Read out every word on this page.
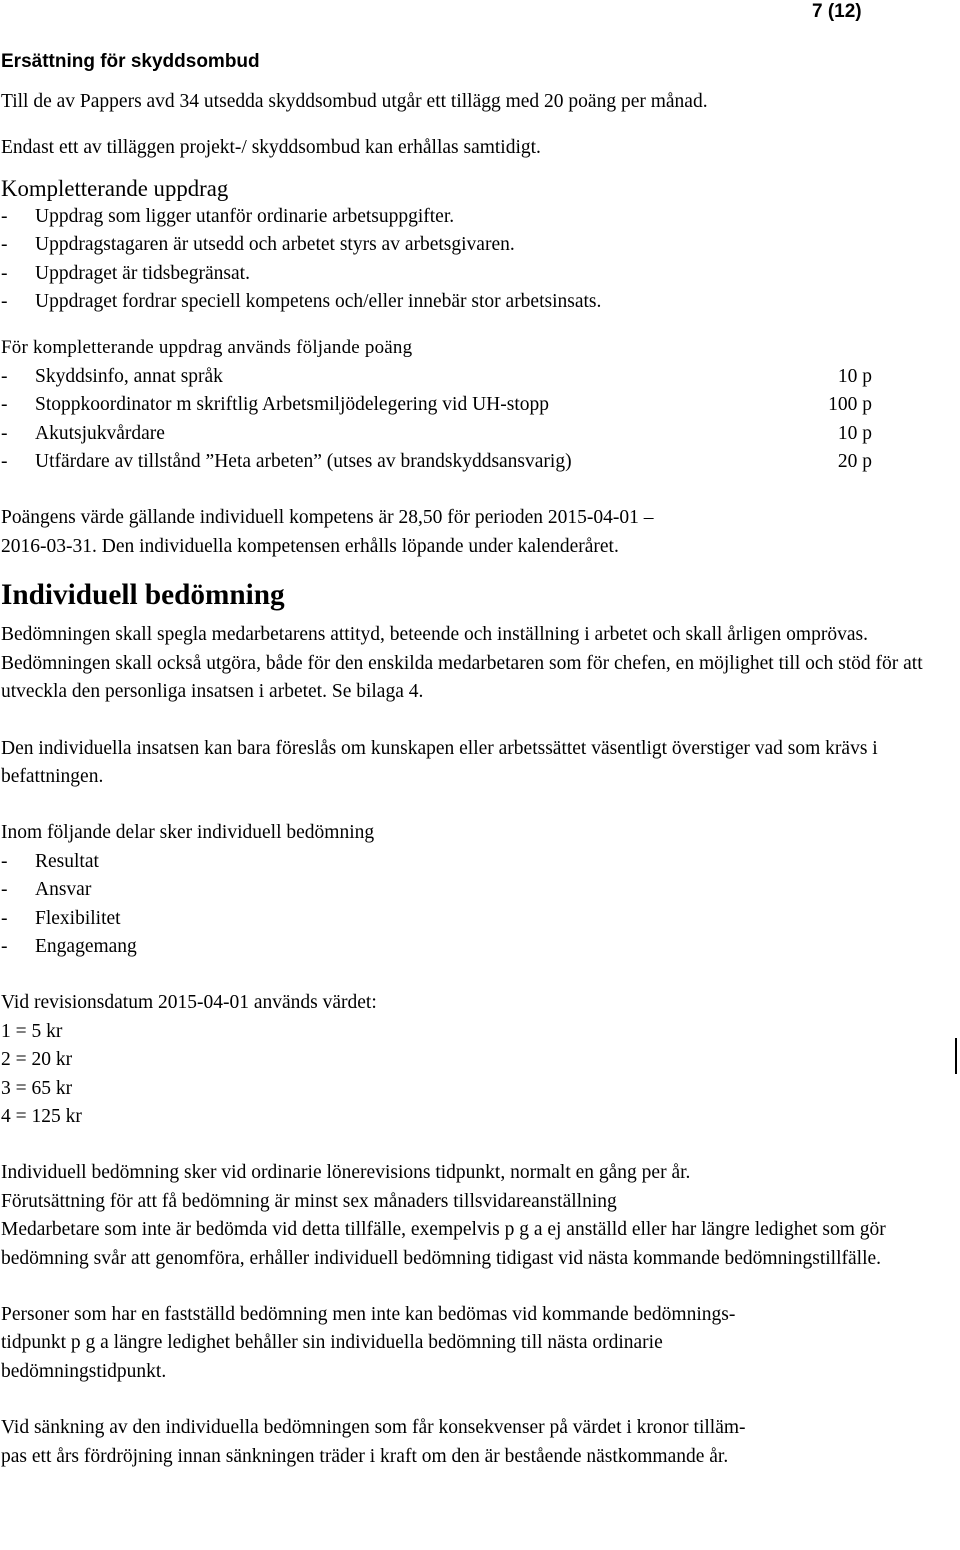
7 (12)
Ersättning för skyddsombud

Till de av Pappers avd 34 utsedda skyddsombud utgår ett tillägg med 20 poäng per månad.

Endast ett av tilläggen projekt-/ skyddsombud kan erhållas samtidigt.

Kompletterande uppdrag
-	Uppdrag som ligger utanför ordinarie arbetsuppgifter.
-	Uppdragstagaren är utsedd och arbetet styrs av arbetsgivaren.
-	Uppdraget är tidsbegränsat.
-	Uppdraget fordrar speciell kompetens och/eller innebär stor arbetsinsats.

För kompletterande uppdrag används följande poäng

-	Skyddsinfo, annat språk	10 p
-	Stoppkoordinator m skriftlig Arbetsmiljödelegering vid UH-stopp	100 p
-	Akutsjukvårdare	10 p
-	Utfärdare av tillstånd ”Heta arbeten” (utses av brandskyddsansvarig)	20 p

Poängens värde gällande individuell kompetens är 28,50 för perioden 2015-04-01 –

2016-03-31. Den individuella kompetensen erhålls löpande under kalenderåret.

Individuell bedömning

Bedömningen skall spegla medarbetarens attityd, beteende och inställning i arbetet och skall årligen omprövas. Bedömningen skall också utgöra, både för den enskilda medarbetaren som för chefen, en möjlighet till och stöd för att utveckla den personliga insatsen i arbetet. Se bilaga 4.

Den individuella insatsen kan bara föreslås om kunskapen eller arbetssättet väsentligt överstiger vad som krävs i befattningen.

Inom följande delar sker individuell bedömning

-	Resultat
-	Ansvar
-	Flexibilitet
-	Engagemang

Vid revisionsdatum 2015-04-01 används värdet:

1 = 5 kr

2 = 20 kr

3 = 65 kr

4 = 125 kr

Individuell bedömning sker vid ordinarie lönerevisions tidpunkt, normalt en gång per år.

Förutsättning för att få bedömning är minst sex månaders tillsvidareanställning

Medarbetare som inte är bedömda vid detta tillfälle, exempelvis p g a ej anställd eller har längre ledighet som gör bedömning svår att genomföra, erhåller individuell bedömning tidigast vid nästa kommande bedömningstillfälle.

Personer som har en fastställd bedömning men inte kan bedömas vid kommande bedömnings-

tidpunkt p g a längre ledighet behåller sin individuella bedömning till nästa ordinarie

bedömningstidpunkt.

Vid sänkning av den individuella bedömningen som får konsekvenser på värdet i kronor tilläm-

pas ett års fördröjning innan sänkningen träder i kraft om den är bestående nästkommande år.
